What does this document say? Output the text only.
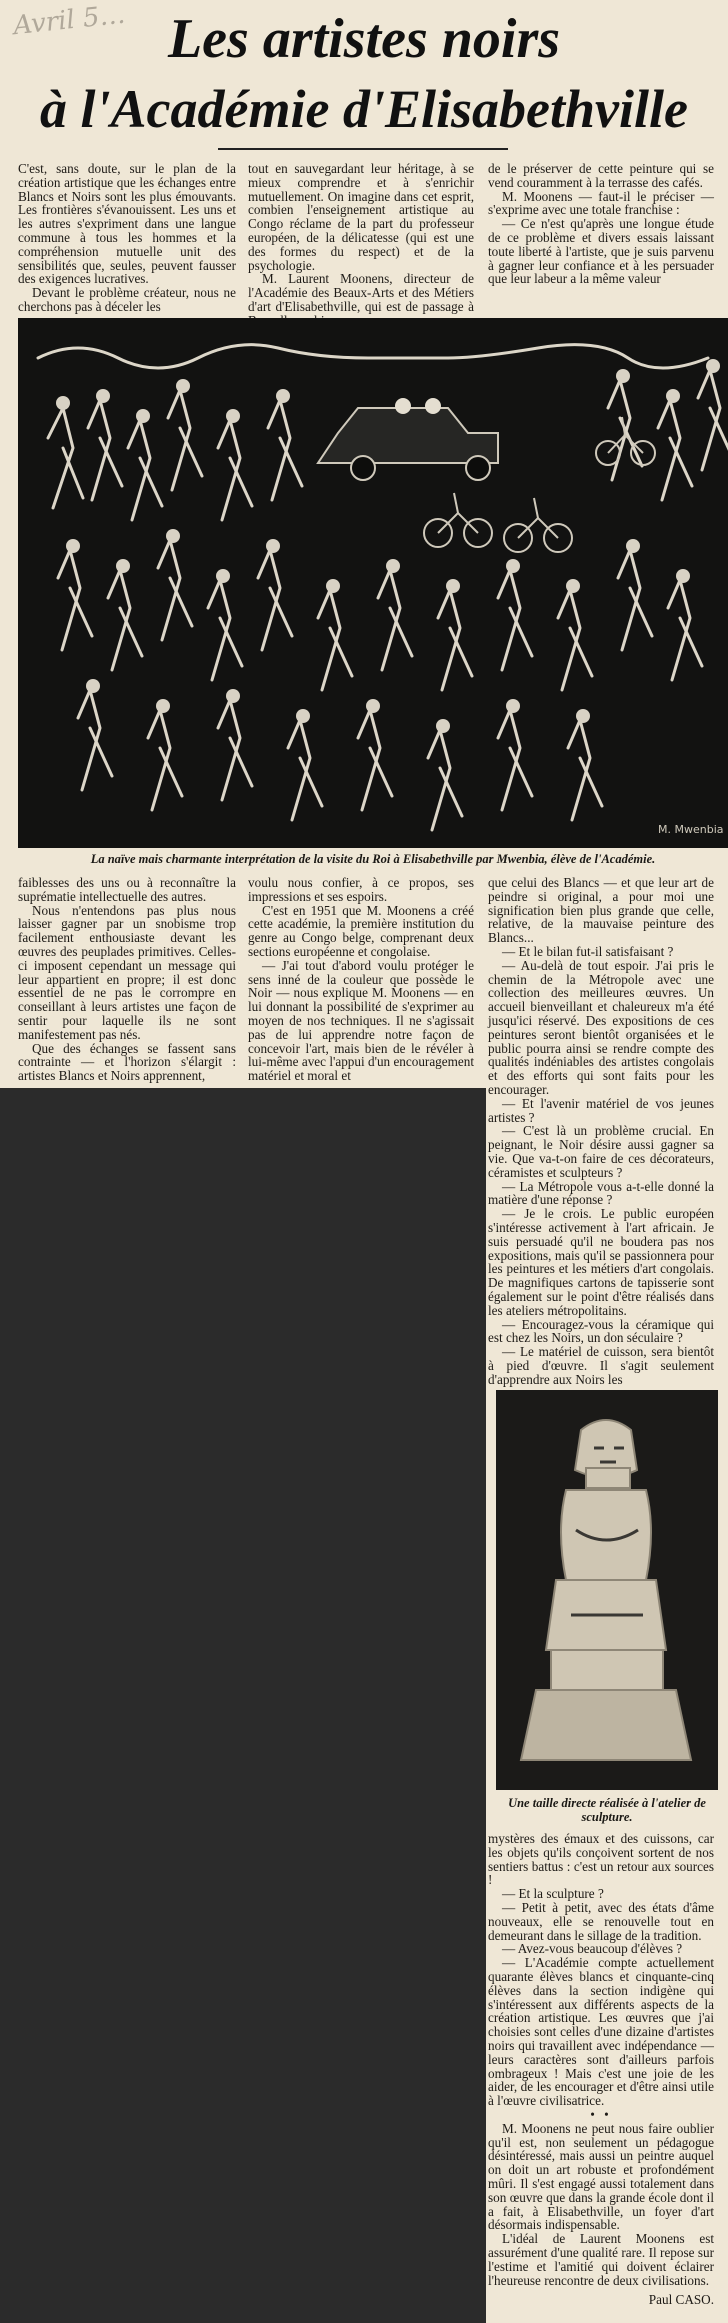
Avril 5… Les artistes noirs
à l'Académie d'Elisabethville

C'est, sans doute, sur le plan de la création artistique que les échanges entre Blancs et Noirs sont les plus émouvants. Les frontières s'évanouissent. Les uns et les autres s'expriment dans une langue commune à tous les hommes et la compréhension mutuelle unit des sensibilités que, seules, peuvent fausser des exigences lucratives.

Devant le problème créateur, nous ne cherchons pas à déceler les

tout en sauvegardant leur héritage, à se mieux comprendre et à s'enrichir mutuellement. On imagine dans cet esprit, combien l'enseignement artistique au Congo réclame de la part du professeur européen, de la délicatesse (qui est une des formes du respect) et de la psychologie.

M. Laurent Moonens, directeur de l'Académie des Beaux-Arts et des Métiers d'art d'Elisabethville, qui est de passage à

de le préserver de cette peinture qui se vend couramment à la terrasse des cafés.

M. Moonens — faut-il le préciser — s'exprime avec une totale franchise :

— Ce n'est qu'après une longue étude de ce problème et divers essais laissant toute liberté à l'artiste, que je suis parvenu à gagner leur confiance et à les persuader que leur labeur a la même valeur

M. Mwenbia
La naïve mais charmante interprétation de la visite du Roi à Elisabethville par Mwenbia, élève de l'Académie.

faiblesses des uns ou à reconnaître la suprématie intellectuelle des autres.

Nous n'entendons pas plus nous laisser gagner par un snobisme trop facilement enthousiaste devant les œuvres des peuplades primitives. Celles-ci imposent cependant un message qui leur appartient en propre; il est donc essentiel de ne pas le corrompre en conseillant à leurs artistes une façon de sentir pour laquelle ils ne sont manifestement pas nés.

Que des échanges se fassent sans contrainte — et l'horizon s'élargit : artistes Blancs et Noirs apprennent,

voulu nous confier, à ce propos, ses impressions et ses espoirs.

C'est en 1951 que M. Moonens a créé cette académie, la première institution du genre au Congo belge, comprenant deux sections européenne et congolaise.

— J'ai tout d'abord voulu protéger le sens inné de la couleur que possède le Noir — nous explique M. Moonens — en lui donnant la possibilité de s'exprimer au moyen de nos techniques. Il ne s'agissait pas de lui apprendre notre façon de concevoir l'art, mais bien de le révéler à lui-même avec l'appui d'un encouragement matériel et moral et

que celui des Blancs — et que leur art de peindre si original, a pour moi une signification bien plus grande que celle, relative, de la mauvaise peinture des Blancs...

— Et le bilan fut-il satisfaisant ?

— Au-delà de tout espoir. J'ai pris le chemin de la Métropole avec une collection des meilleures œuvres. Un accueil bienveillant et chaleureux m'a été jusqu'ici réservé. Des expositions de ces peintures seront bientôt organisées et le public pourra ainsi se rendre compte des qualités indéniables des artistes congolais et des efforts qui sont faits pour les encourager.

— Et l'avenir matériel de vos jeunes artistes ?

— C'est là un problème crucial. En peignant, le Noir désire aussi gagner sa vie. Que va-t-on faire de ces décorateurs, céramistes et sculpteurs ?

— La Métropole vous a-t-elle donné la matière d'une réponse ?

— Je le crois. Le public européen s'intéresse activement à l'art africain. Je suis persuadé qu'il ne boudera pas nos expositions, mais qu'il se passionnera pour les peintures et les métiers d'art congolais. De magnifiques cartons de tapisserie sont également sur le point d'être réalisés dans les ateliers métropolitains.

— Encouragez-vous la céramique qui est chez les Noirs, un don séculaire ?

— Le matériel de cuisson, sera bientôt à pied d'œuvre. Il s'agit seulement d'apprendre aux Noirs les

Une taille directe réalisée à l'atelier de sculpture.

mystères des émaux et des cuissons, car les objets qu'ils conçoivent sortent de nos sentiers battus : c'est un retour aux sources !

— Et la sculpture ?

— Petit à petit, avec des états d'âme nouveaux, elle se renouvelle tout en demeurant dans le sillage de la tradition.

— Avez-vous beaucoup d'élèves ?

— L'Académie compte actuellement quarante élèves blancs et cinquante-cinq élèves dans la section indigène qui s'intéressent aux différents aspects de la création artistique. Les œuvres que j'ai choisies sont celles d'une dizaine d'artistes noirs qui travaillent avec indépendance — leurs caractères sont d'ailleurs parfois ombrageux ! Mais c'est une joie de les aider, de les encourager et d'être ainsi utile à l'œuvre civilisatrice.

• •

M. Moonens ne peut nous faire oublier qu'il est, non seulement un pédagogue désintéressé, mais aussi un peintre auquel on doit un art robuste et profondément mûri. Il s'est engagé aussi totalement dans son œuvre que dans la grande école dont il a fait, à Elisabethville, un foyer d'art désormais indispensable.

L'idéal de Laurent Moonens est assurément d'une qualité rare. Il repose sur l'estime et l'amitié qui doivent éclairer l'heureuse rencontre de deux civilisations.

Paul CASO.
